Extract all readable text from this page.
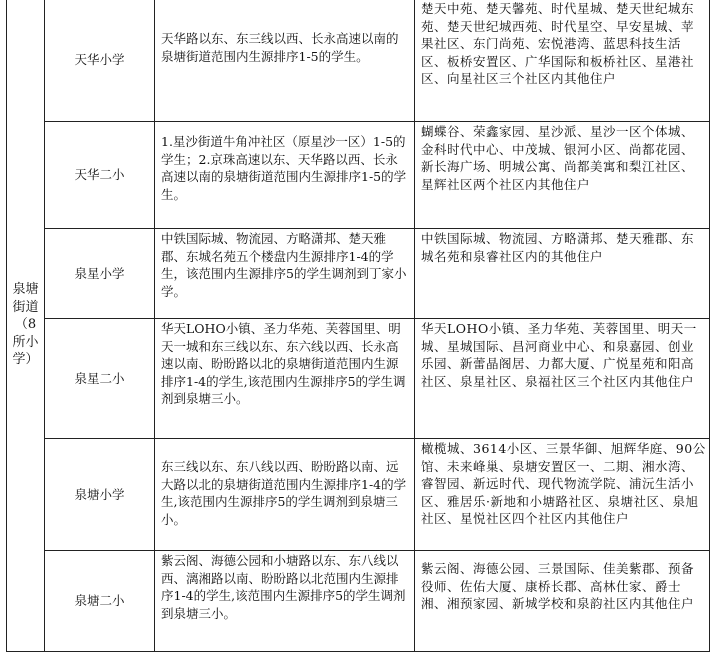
泉塘街道（8所小学）	天华小学	天华路以东、东三线以西、长永高速以南的泉塘街道范围内生源排序1-5的学生。	楚天中苑、楚天馨苑、时代星城、楚天世纪城东苑、楚天世纪城西苑、时代星空、早安星城、苹果社区、东门尚苑、宏悦港湾、蓝思科技生活区、板桥安置区、广华国际和板桥社区、星港社区、向星社区三个社区内其他住户

	天华二小	1.星沙街道牛角冲社区（原星沙一区）1-5的学生；2.京珠高速以东、天华路以西、长永高速以南的泉塘街道范围内生源排序1-5的学生。	蝴蝶谷、荣鑫家园、星沙派、星沙一区个体城、金科时代中心、中茂城、银河小区、尚都花园、新长海广场、明城公寓、尚都美寓和梨江社区、星辉社区两个社区内其他住户

	泉星小学	中铁国际城、物流园、方略潇邦、楚天雅郡、东城名苑五个楼盘内生源排序1-4的学生，该范围内生源排序5的学生调剂到丁家小学。	中铁国际城、物流园、方略潇邦、楚天雅郡、东城名苑和泉睿社区内的其他住户

	泉星二小	华天LOHO小镇、圣力华苑、芙蓉国里、明天一城和东三线以东、东六线以西、长永高速以南、盼盼路以北的泉塘街道范围内生源排序1-4的学生,该范围内生源排序5的学生调剂到泉塘三小。	华天LOHO小镇、圣力华苑、芙蓉国里、明天一城、星城国际、昌河商业中心、和泉嘉园、创业乐园、新蕾晶阁居、力都大厦、广悦星苑和阳高社区、泉星社区、泉福社区三个社区内其他住户

	泉塘小学	东三线以东、东八线以西、盼盼路以南、远大路以北的泉塘街道范围内生源排序1-4的学生,该范围内生源排序5的学生调剂到泉塘三小。	橄榄城、3614小区、三景华御、旭辉华庭、90公馆、未来峰巢、泉塘安置区一、二期、湘水湾、睿智园、新远时代、现代物流学院、浦沅生活小区、雅居乐·新地和小塘路社区、泉塘社区、泉旭社区、星悦社区四个社区内其他住户

	泉塘二小	紫云阁、海德公园和小塘路以东、东八线以西、漓湘路以南、盼盼路以北范围内生源排序1-4的学生,该范围内生源排序5的学生调剂到泉塘三小。	紫云阁、海德公园、三景国际、佳美紫郡、预备役师、佐佑大厦、康桥长郡、高林仕家、爵士湘、湘预家园、新城学校和泉韵社区内其他住户
